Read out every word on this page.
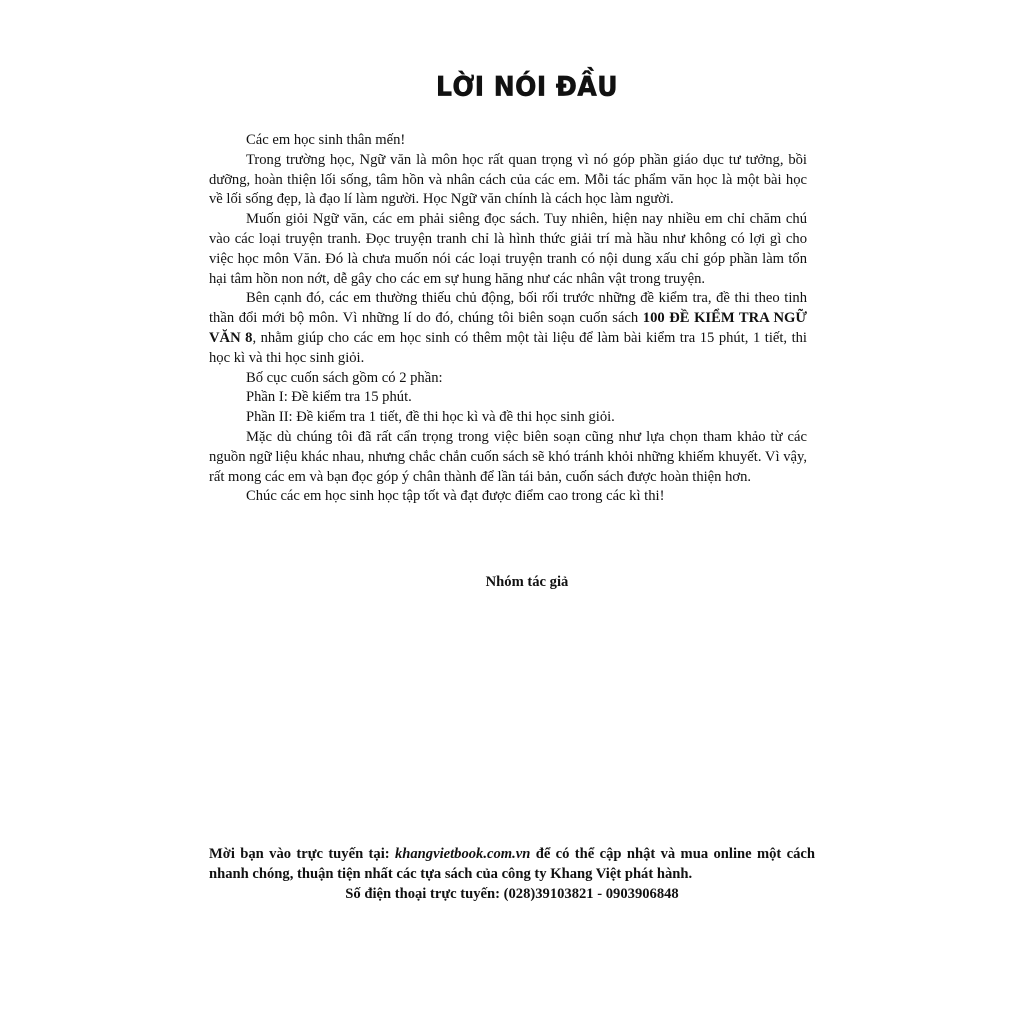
LỜI NÓI ĐẦU

Các em học sinh thân mến!

Trong trường học, Ngữ văn là môn học rất quan trọng vì nó góp phần giáo dục tư tưởng, bồi dưỡng, hoàn thiện lối sống, tâm hồn và nhân cách của các em. Mỗi tác phẩm văn học là một bài học về lối sống đẹp, là đạo lí làm người. Học Ngữ văn chính là cách học làm người.

Muốn giỏi Ngữ văn, các em phải siêng đọc sách. Tuy nhiên, hiện nay nhiều em chỉ chăm chú vào các loại truyện tranh. Đọc truyện tranh chỉ là hình thức giải trí mà hầu như không có lợi gì cho việc học môn Văn. Đó là chưa muốn nói các loại truyện tranh có nội dung xấu chỉ góp phần làm tổn hại tâm hồn non nớt, dễ gây cho các em sự hung hăng như các nhân vật trong truyện.

Bên cạnh đó, các em thường thiếu chủ động, bối rối trước những đề kiểm tra, đề thi theo tinh thần đổi mới bộ môn. Vì những lí do đó, chúng tôi biên soạn cuốn sách 100 ĐỀ KIỂM TRA NGỮ VĂN 8, nhằm giúp cho các em học sinh có thêm một tài liệu để làm bài kiểm tra 15 phút, 1 tiết, thi học kì và thi học sinh giỏi.

Bố cục cuốn sách gồm có 2 phần:

Phần I: Đề kiểm tra 15 phút.

Phần II: Đề kiểm tra 1 tiết, đề thi học kì và đề thi học sinh giỏi.

Mặc dù chúng tôi đã rất cẩn trọng trong việc biên soạn cũng như lựa chọn tham khảo từ các nguồn ngữ liệu khác nhau, nhưng chắc chắn cuốn sách sẽ khó tránh khỏi những khiếm khuyết. Vì vậy, rất mong các em và bạn đọc góp ý chân thành để lần tái bản, cuốn sách được hoàn thiện hơn.

Chúc các em học sinh học tập tốt và đạt được điểm cao trong các kì thi!

Nhóm tác giả

Mời bạn vào trực tuyến tại: khangvietbook.com.vn để có thể cập nhật và mua online một cách nhanh chóng, thuận tiện nhất các tựa sách của công ty Khang Việt phát hành.

Số điện thoại trực tuyến: (028)39103821 - 0903906848
